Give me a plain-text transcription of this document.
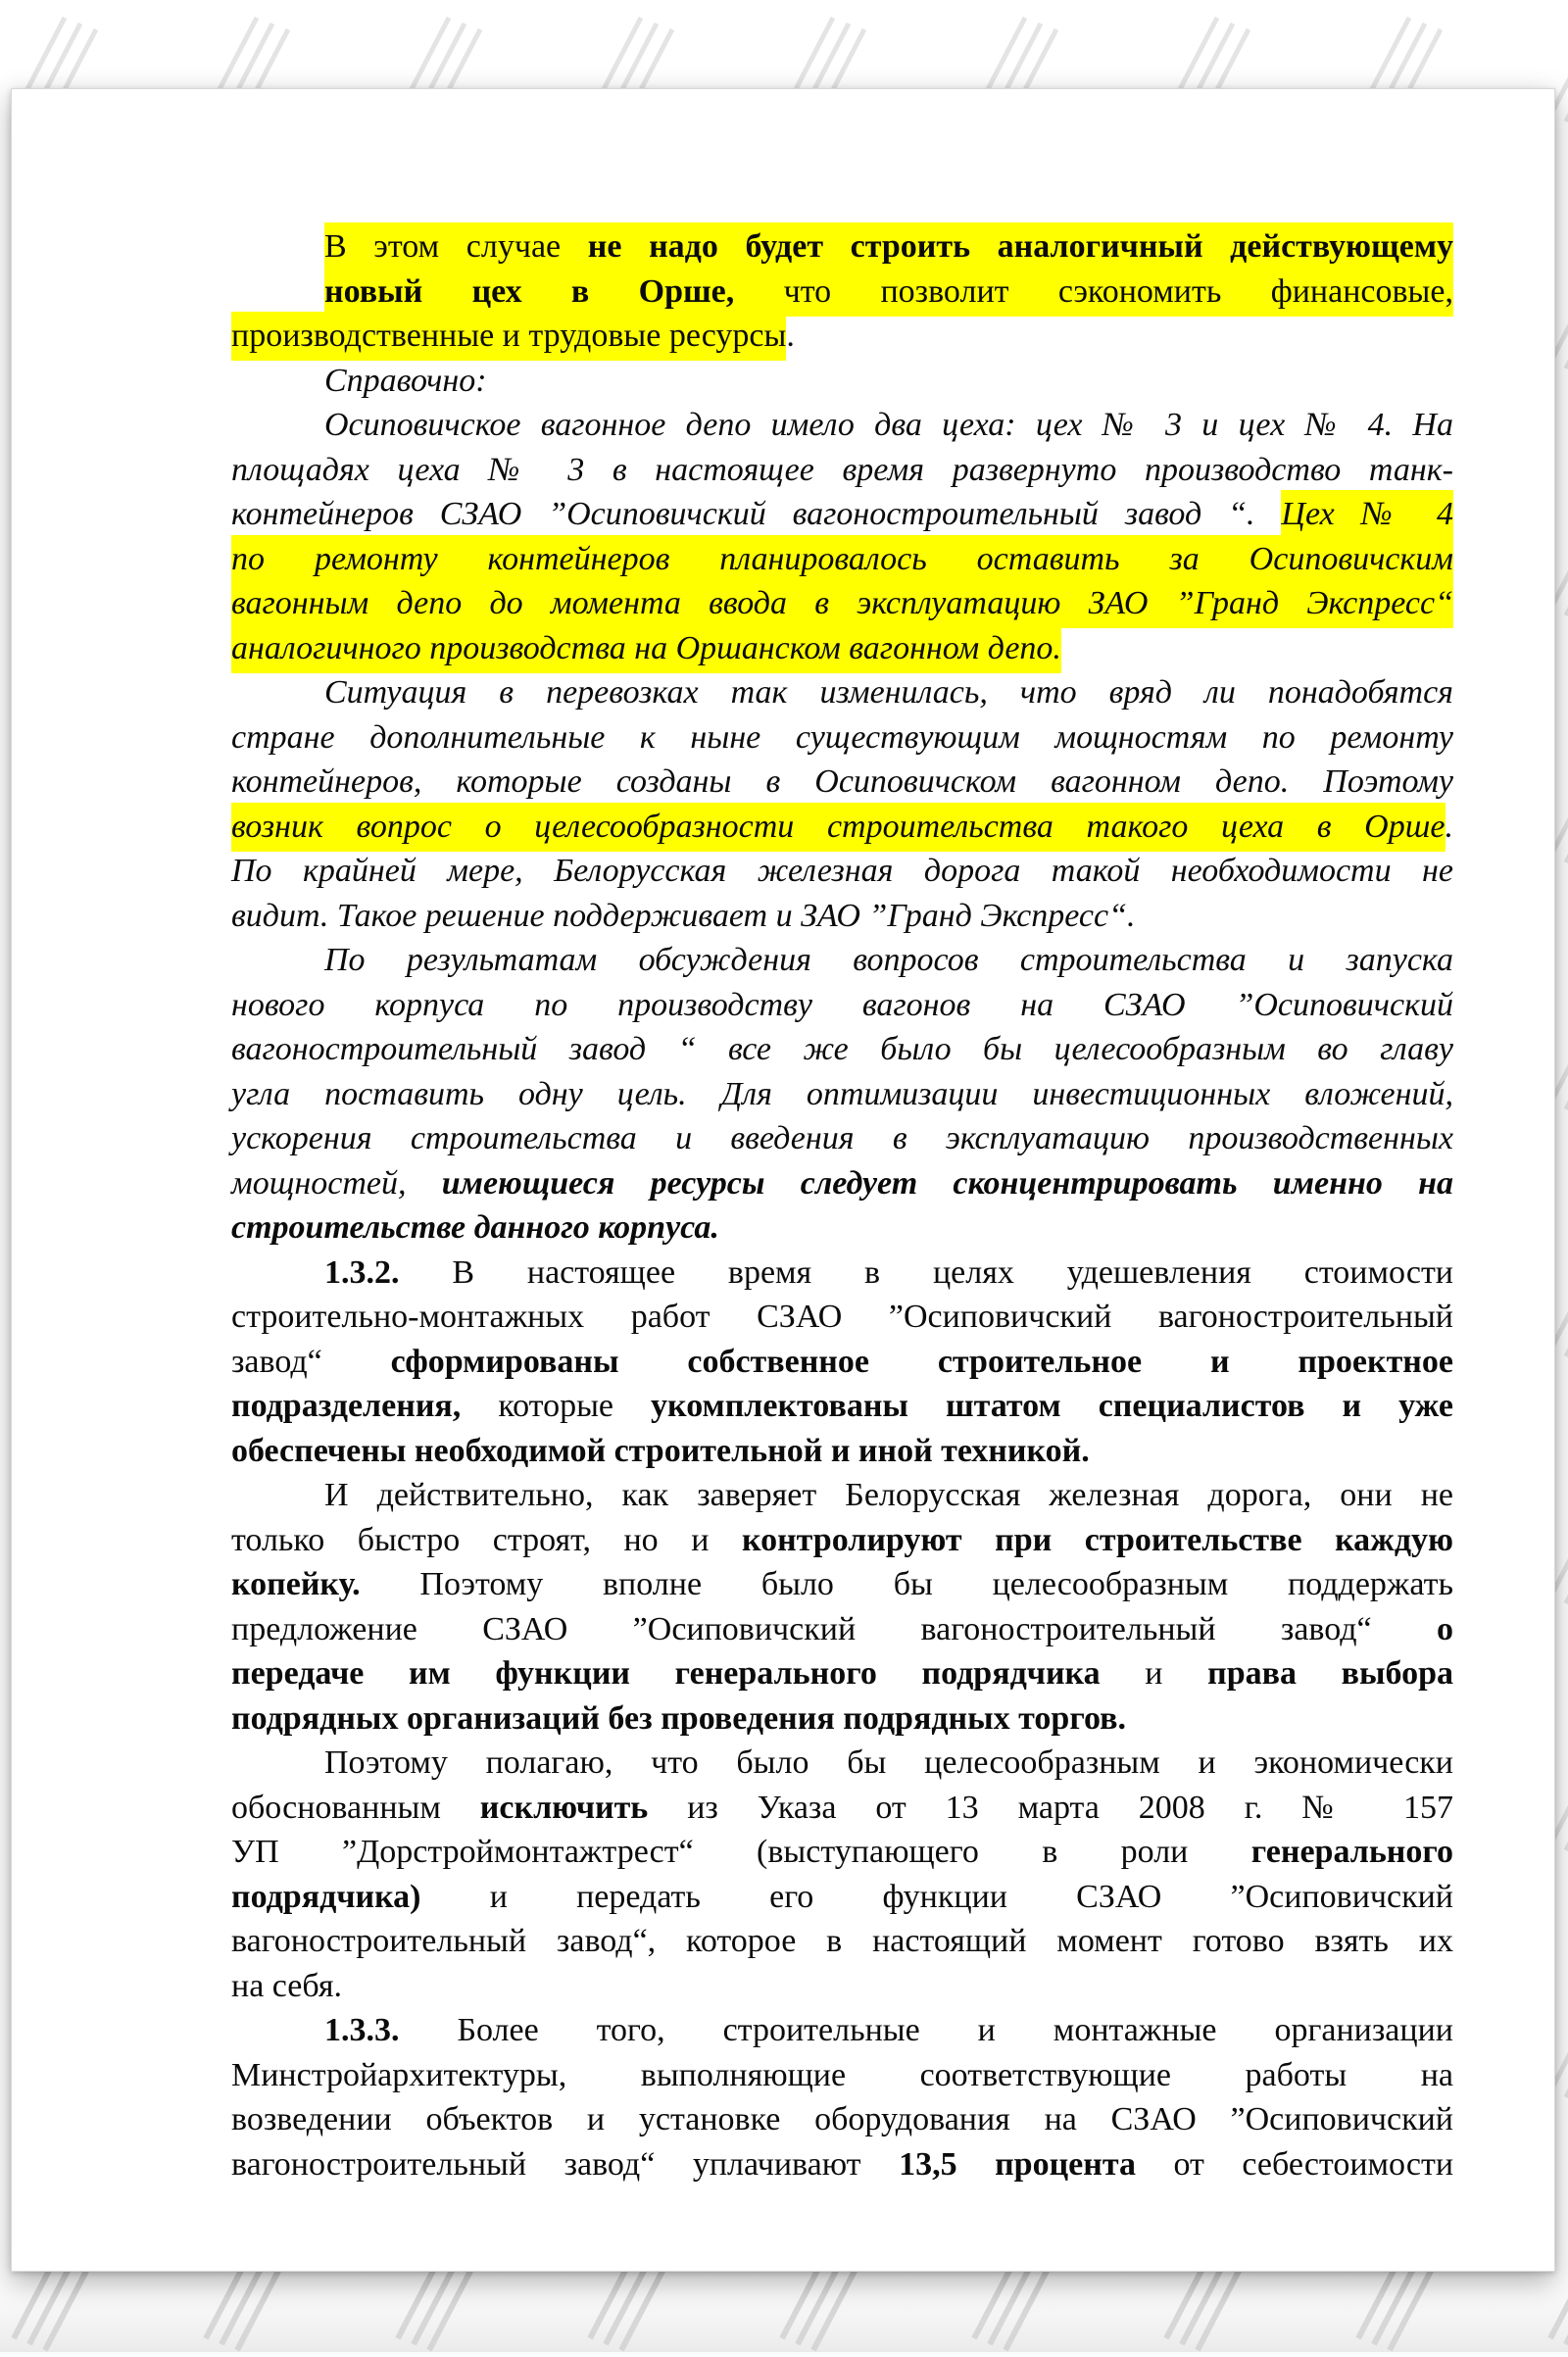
В этом случае не надо будет строить аналогичный действующему
новый цех в Орше, что позволит сэкономить финансовые,
производственные и трудовые ресурсы.
Справочно:
Осиповичское вагонное депо имело два цеха: цех № 3 и цех № 4. На
площадях цеха № 3 в настоящее время развернуто производство танк-
контейнеров СЗАО ”Осиповичский вагоностроительный завод “. Цех № 4
по ремонту контейнеров планировалось оставить за Осиповичским
вагонным депо до момента ввода в эксплуатацию ЗАО ”Гранд Экспресс“
аналогичного производства на Оршанском вагонном депо.
Ситуация в перевозках так изменилась, что вряд ли понадобятся
стране дополнительные к ныне существующим мощностям по ремонту
контейнеров, которые созданы в Осиповичском вагонном депо. Поэтому
возник вопрос о целесообразности строительства такого цеха в Орше.
По крайней мере, Белорусская железная дорога такой необходимости не
видит. Такое решение поддерживает и ЗАО ”Гранд Экспресс“.
По результатам обсуждения вопросов строительства и запуска
нового корпуса по производству вагонов на СЗАО ”Осиповичский
вагоностроительный завод “ все же было бы целесообразным во главу
угла поставить одну цель. Для оптимизации инвестиционных вложений,
ускорения строительства и введения в эксплуатацию производственных
мощностей, имеющиеся ресурсы следует сконцентрировать именно на
строительстве данного корпуса.
1.3.2. В настоящее время в целях удешевления стоимости
строительно-монтажных работ СЗАО ”Осиповичский вагоностроительный
завод“ сформированы собственное строительное и проектное
подразделения, которые укомплектованы штатом специалистов и уже
обеспечены необходимой строительной и иной техникой.
И действительно, как заверяет Белорусская железная дорога, они не
только быстро строят, но и контролируют при строительстве каждую
копейку. Поэтому вполне было бы целесообразным поддержать
предложение СЗАО ”Осиповичский вагоностроительный завод“ о
передаче им функции генерального подрядчика и права выбора
подрядных организаций без проведения подрядных торгов.
Поэтому полагаю, что было бы целесообразным и экономически
обоснованным исключить из Указа от 13 марта 2008 г. № 157
УП ”Дорстроймонтажтрест“ (выступающего в роли генерального
подрядчика) и передать его функции СЗАО ”Осиповичский
вагоностроительный завод“, которое в настоящий момент готово взять их
на себя.
1.3.3. Более того, строительные и монтажные организации
Минстройархитектуры, выполняющие соответствующие работы на
возведении объектов и установке оборудования на СЗАО ”Осиповичский
вагоностроительный завод“ уплачивают 13,5 процента от себестоимости
